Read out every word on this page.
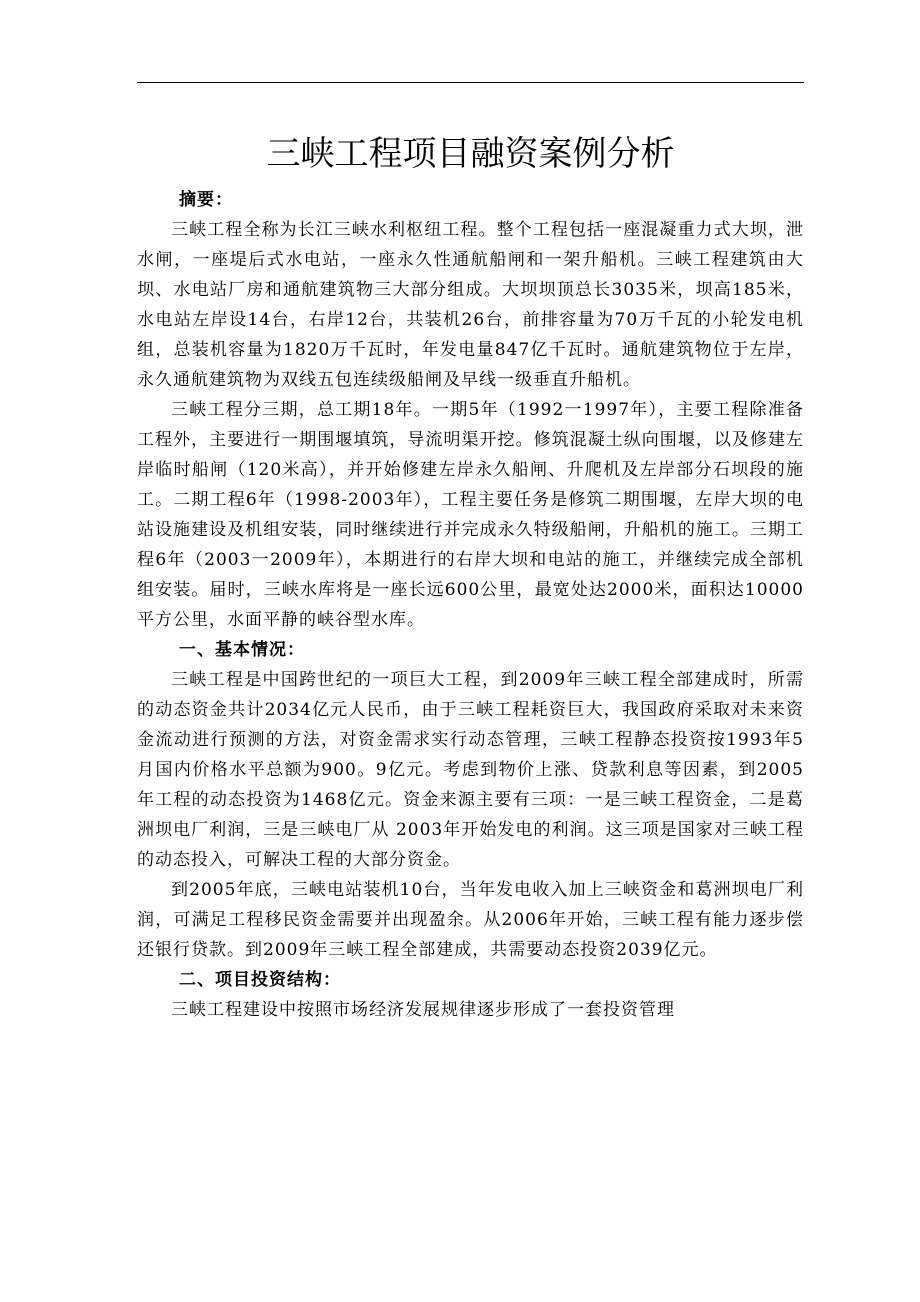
三峡工程项目融资案例分析

摘要：

三峡工程全称为长江三峡水利枢纽工程。整个工程包括一座混凝重力式大坝，泄水闸，一座堤后式水电站，一座永久性通航船闸和一架升船机。三峡工程建筑由大坝、水电站厂房和通航建筑物三大部分组成。大坝坝顶总长3035米，坝高185米，水电站左岸设14台，右岸12台，共装机26台，前排容量为70万千瓦的小轮发电机组，总装机容量为1820万千瓦时，年发电量847亿千瓦时。通航建筑物位于左岸，永久通航建筑物为双线五包连续级船闸及早线一级垂直升船机。

三峡工程分三期，总工期18年。一期5年（1992一1997年），主要工程除准备工程外，主要进行一期围堰填筑，导流明渠开挖。修筑混凝土纵向围堰，以及修建左岸临时船闸（120米高），并开始修建左岸永久船闸、升爬机及左岸部分石坝段的施工。二期工程6年（1998-2003年），工程主要任务是修筑二期围堰，左岸大坝的电站设施建设及机组安装，同时继续进行并完成永久特级船闸，升船机的施工。三期工程6年（2003一2009年），本期进行的右岸大坝和电站的施工，并继续完成全部机组安装。届时，三峡水库将是一座长远600公里，最宽处达2000米，面积达10000平方公里，水面平静的峡谷型水库。

一、基本情况：

三峡工程是中国跨世纪的一项巨大工程，到2009年三峡工程全部建成时，所需的动态资金共计2034亿元人民币，由于三峡工程耗资巨大，我国政府采取对未来资金流动进行预测的方法，对资金需求实行动态管理，三峡工程静态投资按1993年5月国内价格水平总额为900。9亿元。考虑到物价上涨、贷款利息等因素，到2005年工程的动态投资为1468亿元。资金来源主要有三项：一是三峡工程资金，二是葛洲坝电厂利润，三是三峡电厂从 2003年开始发电的利润。这三项是国家对三峡工程的动态投入，可解决工程的大部分资金。

到2005年底，三峡电站装机10台，当年发电收入加上三峡资金和葛洲坝电厂利润，可满足工程移民资金需要并出现盈余。从2006年开始，三峡工程有能力逐步偿还银行贷款。到2009年三峡工程全部建成，共需要动态投资2039亿元。

二、项目投资结构：

三峡工程建设中按照市场经济发展规律逐步形成了一套投资管理
